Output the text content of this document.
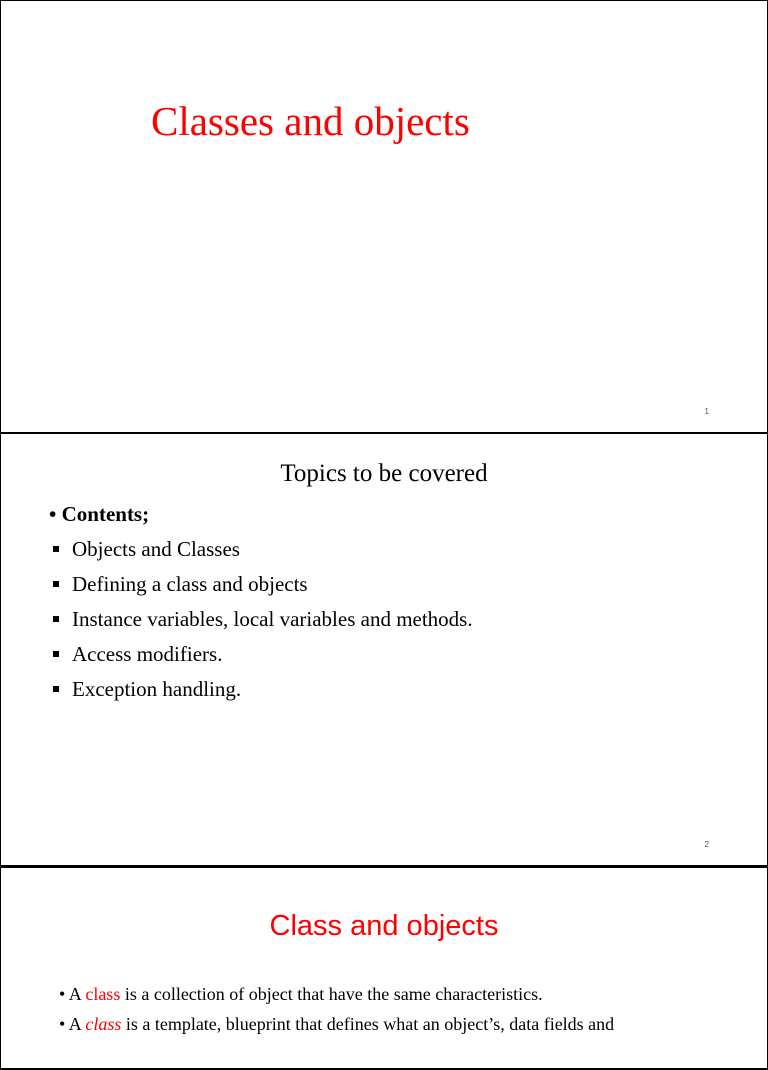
Classes and objects
1
Topics to be covered
• Contents;
Objects and Classes
Defining a class and objects
Instance variables, local variables and methods.
Access modifiers.
Exception handling.
2
Class and objects
• A class is a collection of object that have the same characteristics.
• A class is a template, blueprint that defines what an object’s, data fields and
